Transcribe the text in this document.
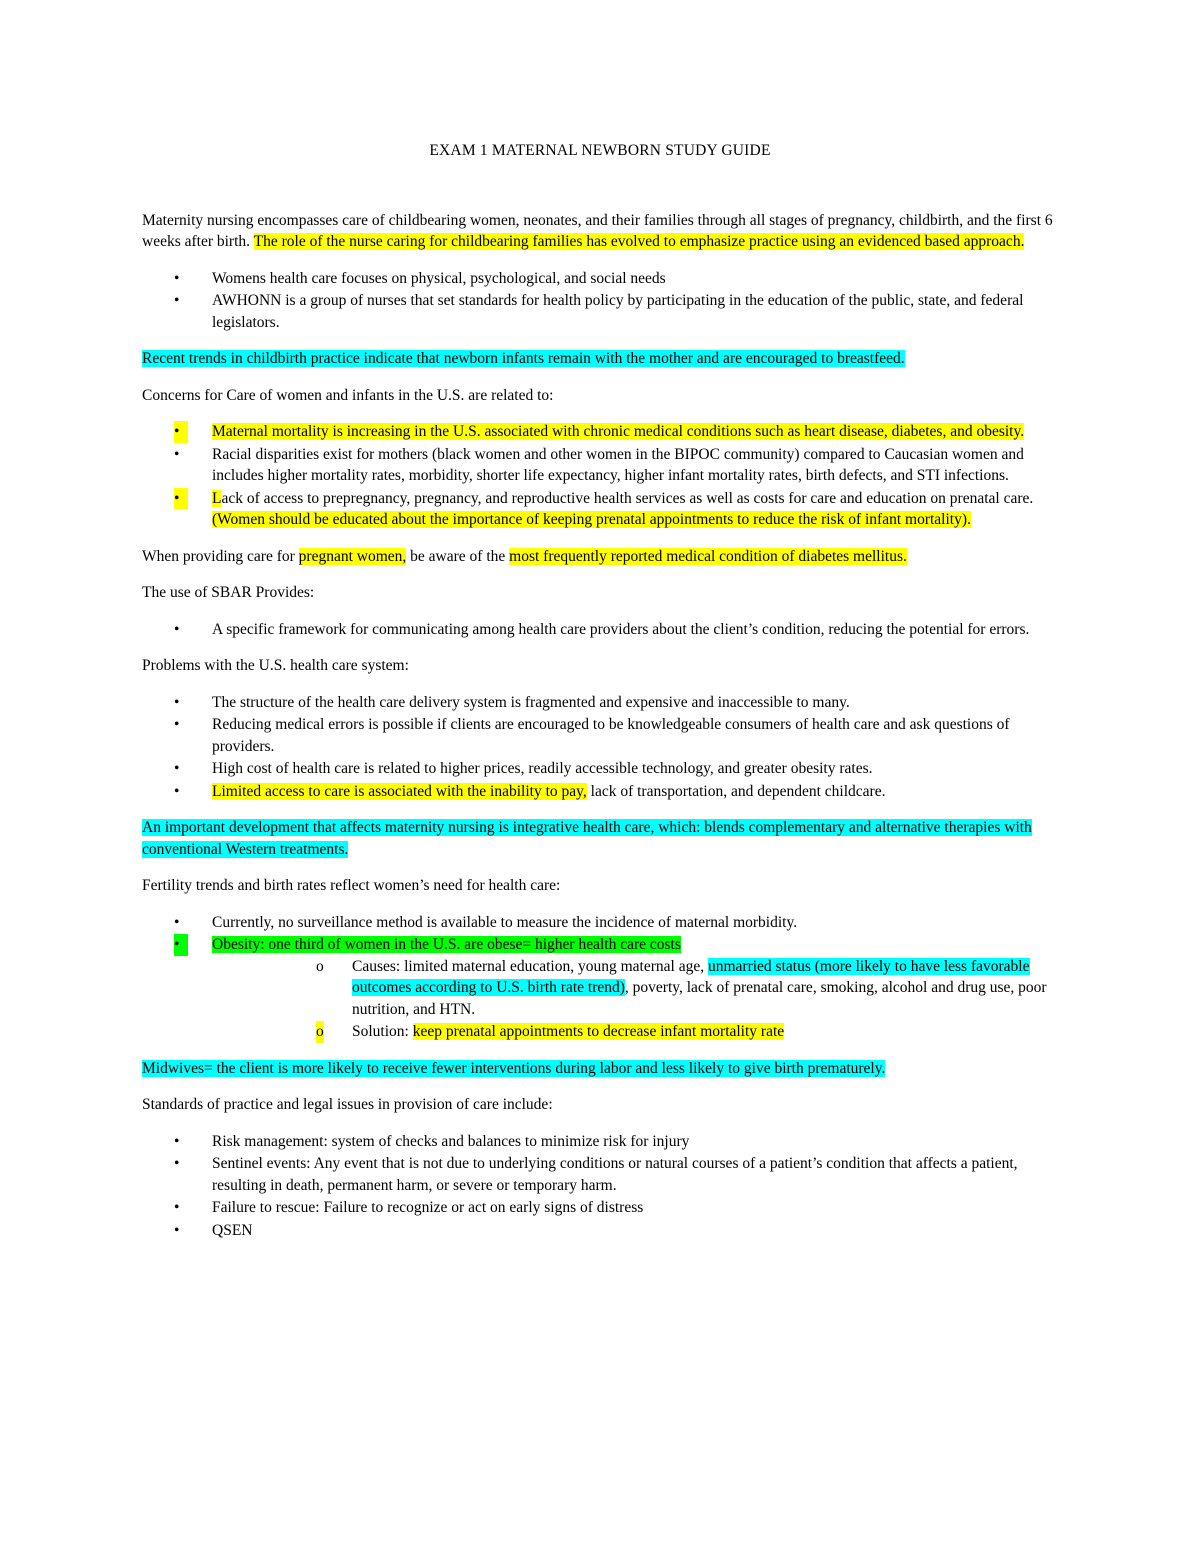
EXAM 1 MATERNAL NEWBORN STUDY GUIDE

Maternity nursing encompasses care of childbearing women, neonates, and their families through all stages of pregnancy, childbirth, and the first 6 weeks after birth. The role of the nurse caring for childbearing families has evolved to emphasize practice using an evidenced based approach.

•	Womens health care focuses on physical, psychological, and social needs
•	AWHONN is a group of nurses that set standards for health policy by participating in the education of the public, state, and federal legislators.

Recent trends in childbirth practice indicate that newborn infants remain with the mother and are encouraged to breastfeed.

Concerns for Care of women and infants in the U.S. are related to:

•	Maternal mortality is increasing in the U.S. associated with chronic medical conditions such as heart disease, diabetes, and obesity.
•	Racial disparities exist for mothers (black women and other women in the BIPOC community) compared to Caucasian women and includes higher mortality rates, morbidity, shorter life expectancy, higher infant mortality rates, birth defects, and STI infections.
•	Lack of access to prepregnancy, pregnancy, and reproductive health services as well as costs for care and education on prenatal care. (Women should be educated about the importance of keeping prenatal appointments to reduce the risk of infant mortality).

When providing care for pregnant women, be aware of the most frequently reported medical condition of diabetes mellitus.

The use of SBAR Provides:

•	A specific framework for communicating among health care providers about the client’s condition, reducing the potential for errors.

Problems with the U.S. health care system:

•	The structure of the health care delivery system is fragmented and expensive and inaccessible to many.
•	Reducing medical errors is possible if clients are encouraged to be knowledgeable consumers of health care and ask questions of providers.
•	High cost of health care is related to higher prices, readily accessible technology, and greater obesity rates.
•	Limited access to care is associated with the inability to pay, lack of transportation, and dependent childcare.

An important development that affects maternity nursing is integrative health care, which: blends complementary and alternative therapies with conventional Western treatments.

Fertility trends and birth rates reflect women’s need for health care:

•	Currently, no surveillance method is available to measure the incidence of maternal morbidity.
•	Obesity: one third of women in the U.S. are obese= higher health care costs
o Causes: limited maternal education, young maternal age, unmarried status (more likely to have less favorable outcomes according to U.S. birth rate trend), poverty, lack of prenatal care, smoking, alcohol and drug use, poor nutrition, and HTN.
o Solution: keep prenatal appointments to decrease infant mortality rate

Midwives= the client is more likely to receive fewer interventions during labor and less likely to give birth prematurely.

Standards of practice and legal issues in provision of care include:

•	Risk management: system of checks and balances to minimize risk for injury
•	Sentinel events: Any event that is not due to underlying conditions or natural courses of a patient’s condition that affects a patient, resulting in death, permanent harm, or severe or temporary harm.
•	Failure to rescue: Failure to recognize or act on early signs of distress
•	QSEN
